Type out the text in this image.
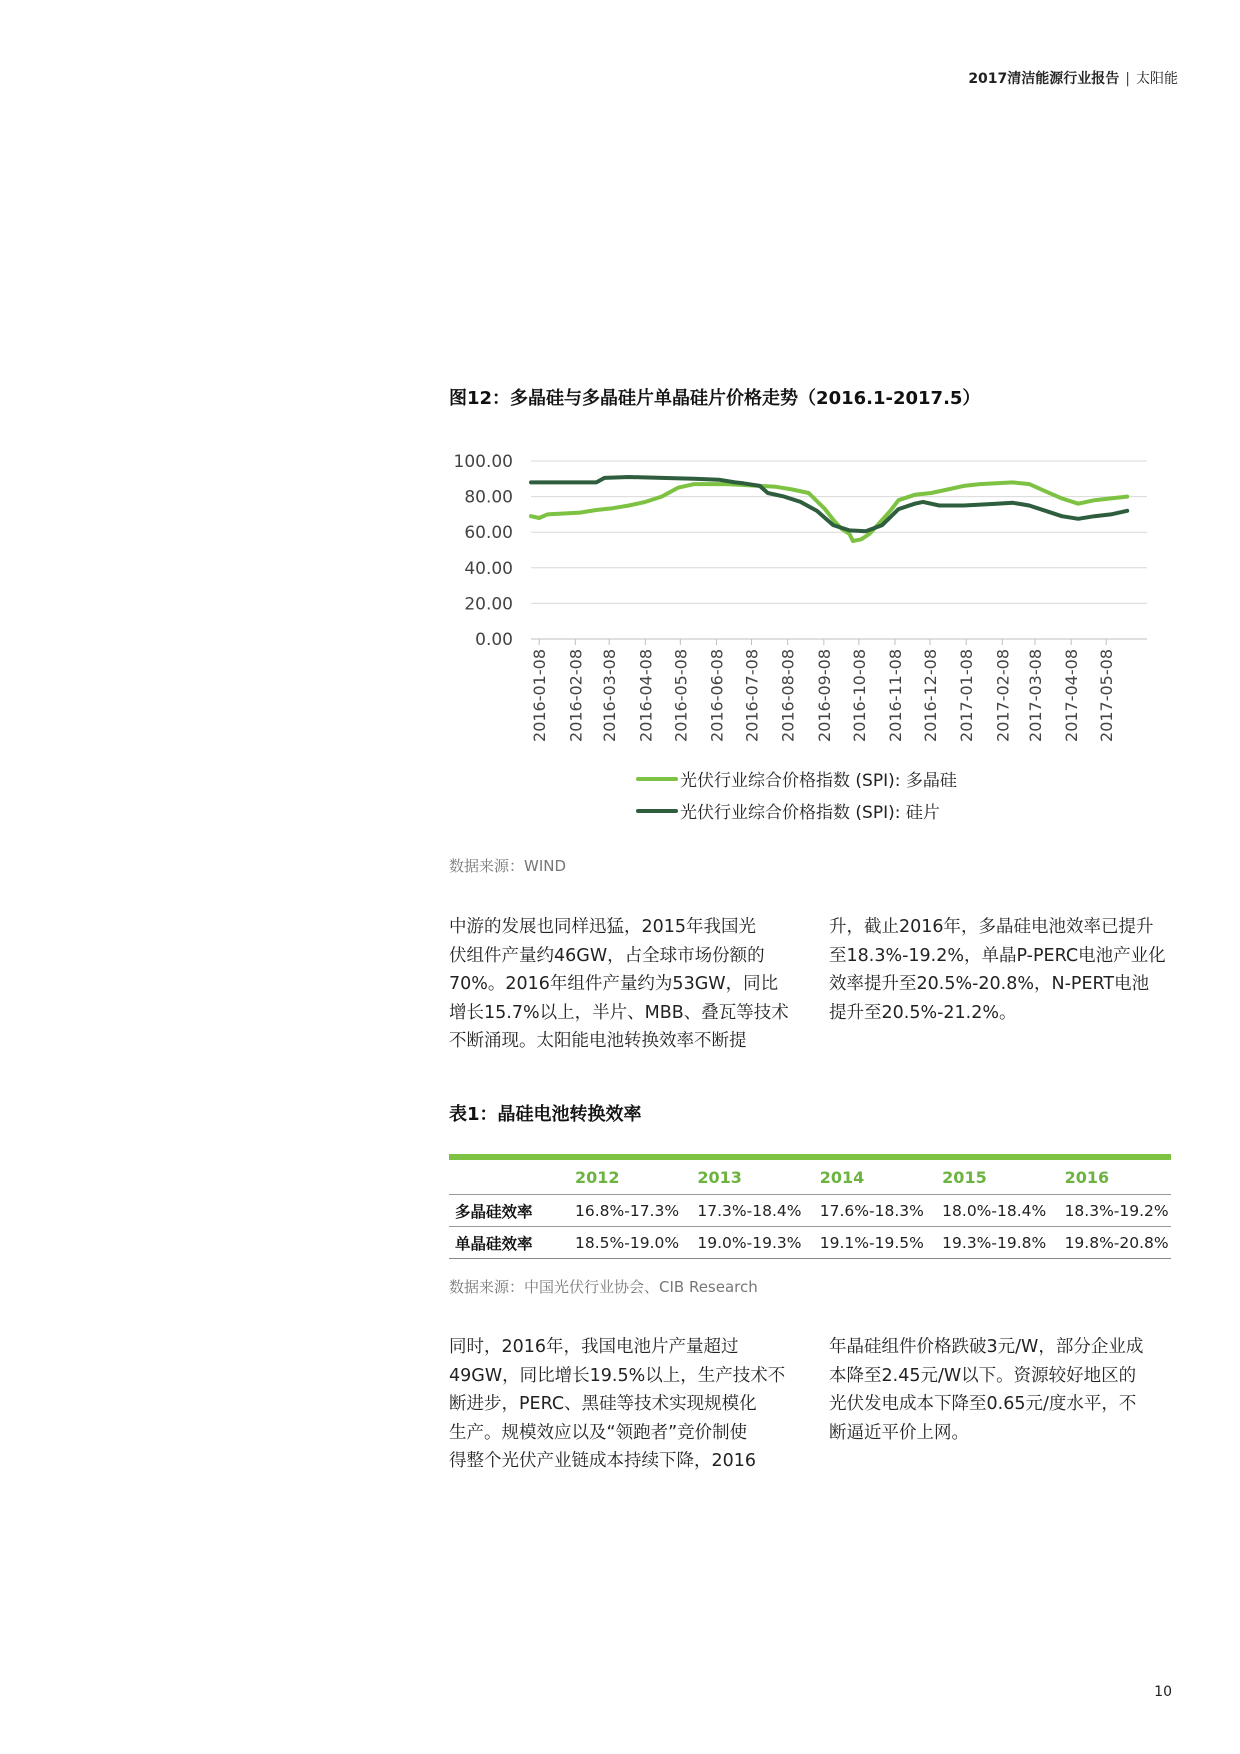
2017清洁能源行业报告 | 太阳能
图12：多晶硅与多晶硅片单晶硅片价格走势（2016.1-2017.5）
0.00
20.00
40.00
60.00
80.00
100.00
2016-01-08 2016-02-08 2016-03-08 2016-04-08 2016-05-08 2016-06-08 2016-07-08 2016-08-08 2016-09-08 2016-10-08 2016-11-08 2016-12-08 2017-01-08 2017-02-08 2017-03-08 2017-04-08 2017-05-08
光伏行业综合价格指数 (SPI): 多晶硅
光伏行业综合价格指数 (SPI): 硅片
数据来源：WIND
中游的发展也同样迅猛，2015年我国光
伏组件产量约46GW，占全球市场份额的
70%。2016年组件产量约为53GW，同比
增长15.7%以上，半片、MBB、叠瓦等技术
不断涌现。太阳能电池转换效率不断提
升，截止2016年，多晶硅电池效率已提升
至18.3%-19.2%，单晶P-PERC电池产业化
效率提升至20.5%-20.8%，N-PERT电池
提升至20.5%-21.2%。
表1：晶硅电池转换效率
	2012	2013	2014	2015	2016
多晶硅效率	16.8%-17.3%	17.3%-18.4%	17.6%-18.3%	18.0%-18.4%	18.3%-19.2%
单晶硅效率	18.5%-19.0%	19.0%-19.3%	19.1%-19.5%	19.3%-19.8%	19.8%-20.8%
数据来源：中国光伏行业协会、CIB Research
同时，2016年，我国电池片产量超过
49GW，同比增长19.5%以上，生产技术不
断进步，PERC、黑硅等技术实现规模化
生产。规模效应以及“领跑者”竞价制使
得整个光伏产业链成本持续下降，2016
年晶硅组件价格跌破3元/W，部分企业成
本降至2.45元/W以下。资源较好地区的
光伏发电成本下降至0.65元/度水平，不
断逼近平价上网。
10
